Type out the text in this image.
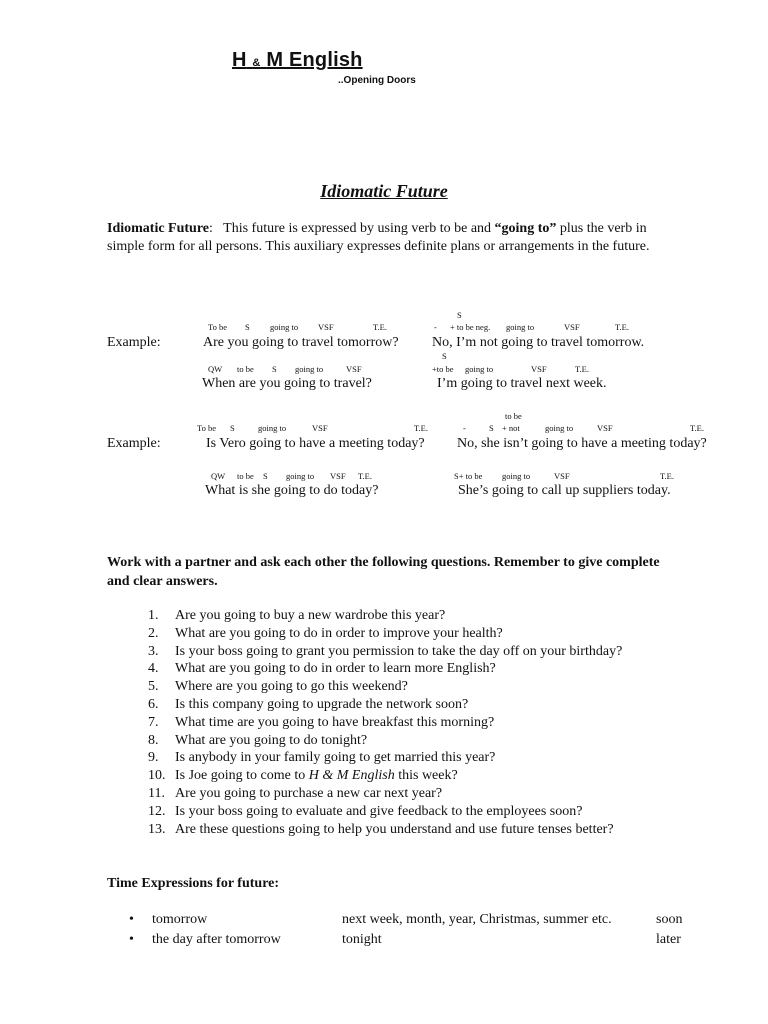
H & M English
..Opening Doors
Idiomatic Future
Idiomatic Future:   This future is expressed by using verb to be and “going to” plus the verb in simple form for all persons. This auxiliary expresses definite plans or arrangements in the future.
To be S going to VSF	T.E.
S
- + to be neg. going to	VSF	T.E.
Example:	Are you going to travel tomorrow? No, I’m not going to travel tomorrow.
S
QW to be S going to	VSF	+to be going to	VSF	T.E.
When are you going to travel?	I’m going to travel next week.
to be
To be S	going to	VSF	T.E.	-	S + not	going to	VSF	T.E.
Example:	Is Vero going to have a meeting today? No, she isn’t going to have a meeting today?
QW to be S going to VSF T.E.	S+ to be going to	VSF	T.E.
What is she going to do today?	She’s going to call up suppliers today.
Work with a partner and ask each other the following questions. Remember to give complete and clear answers.
1. Are you going to buy a new wardrobe this year?
2. What are you going to do in order to improve your health?
3. Is your boss going to grant you permission to take the day off on your birthday?
4. What are you going to do in order to learn more English?
5. Where are you going to go this weekend?
6. Is this company going to upgrade the network soon?
7. What time are you going to have breakfast this morning?
8. What are you going to do tonight?
9. Is anybody in your family going to get married this year?
10. Is Joe going to come to H & M English this week?
11. Are you going to purchase a new car next year?
12. Is your boss going to evaluate and give feedback to the employees soon?
13. Are these questions going to help you understand and use future tenses better?
Time Expressions for future:
• tomorrow	next week, month, year, Christmas, summer etc.	soon
• the day after tomorrow	tonight	later
